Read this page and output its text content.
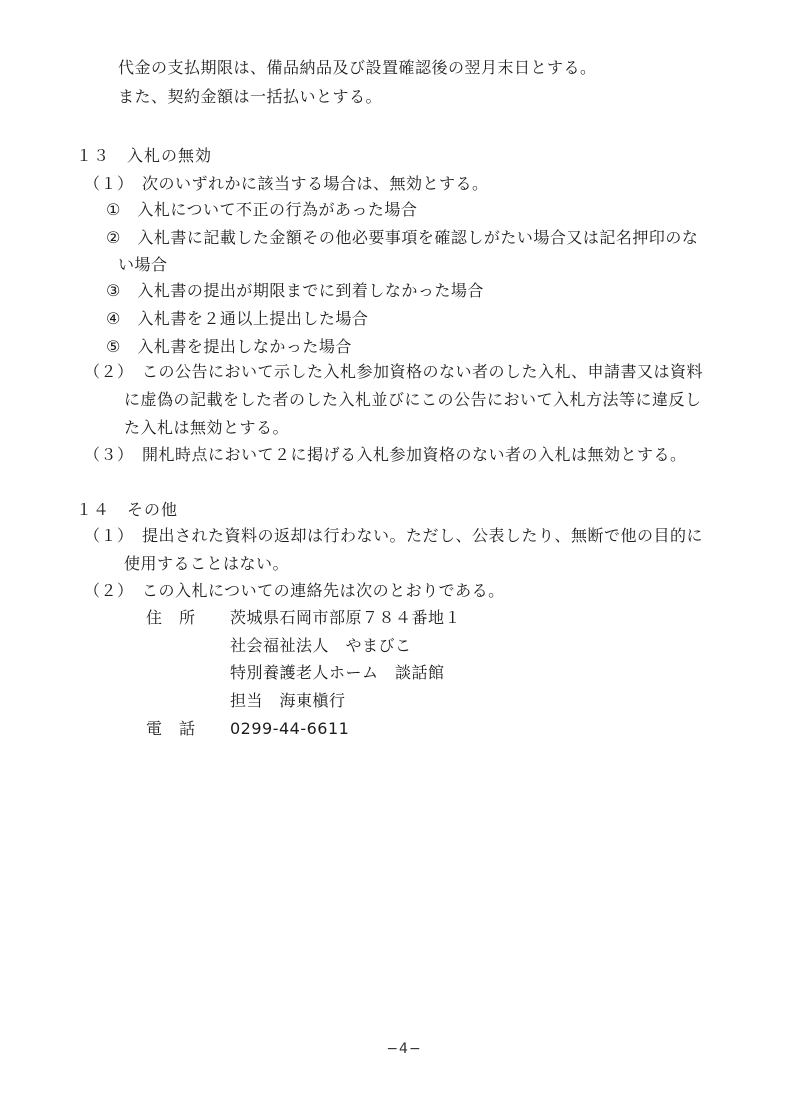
代金の支払期限は、備品納品及び設置確認後の翌月末日とする。
また、契約金額は一括払いとする。
１３　入札の無効
（１）　次のいずれかに該当する場合は、無効とする。
①　入札について不正の行為があった場合
②　入札書に記載した金額その他必要事項を確認しがたい場合又は記名押印のな
い場合
③　入札書の提出が期限までに到着しなかった場合
④　入札書を２通以上提出した場合
⑤　入札書を提出しなかった場合
（２）　この公告において示した入札参加資格のない者のした入札、申請書又は資料
に虚偽の記載をした者のした入札並びにこの公告において入札方法等に違反し
た入札は無効とする。
（３）　開札時点において２に掲げる入札参加資格のない者の入札は無効とする。
１４　その他
（１）　提出された資料の返却は行わない。ただし、公表したり、無断で他の目的に
使用することはない。
（２）　この入札についての連絡先は次のとおりである。
住　所 茨城県石岡市部原７８４番地１
社会福祉法人　やまびこ
特別養護老人ホーム　談話館
担当　海東槇行
電　話 0299-44-6611
−4−
